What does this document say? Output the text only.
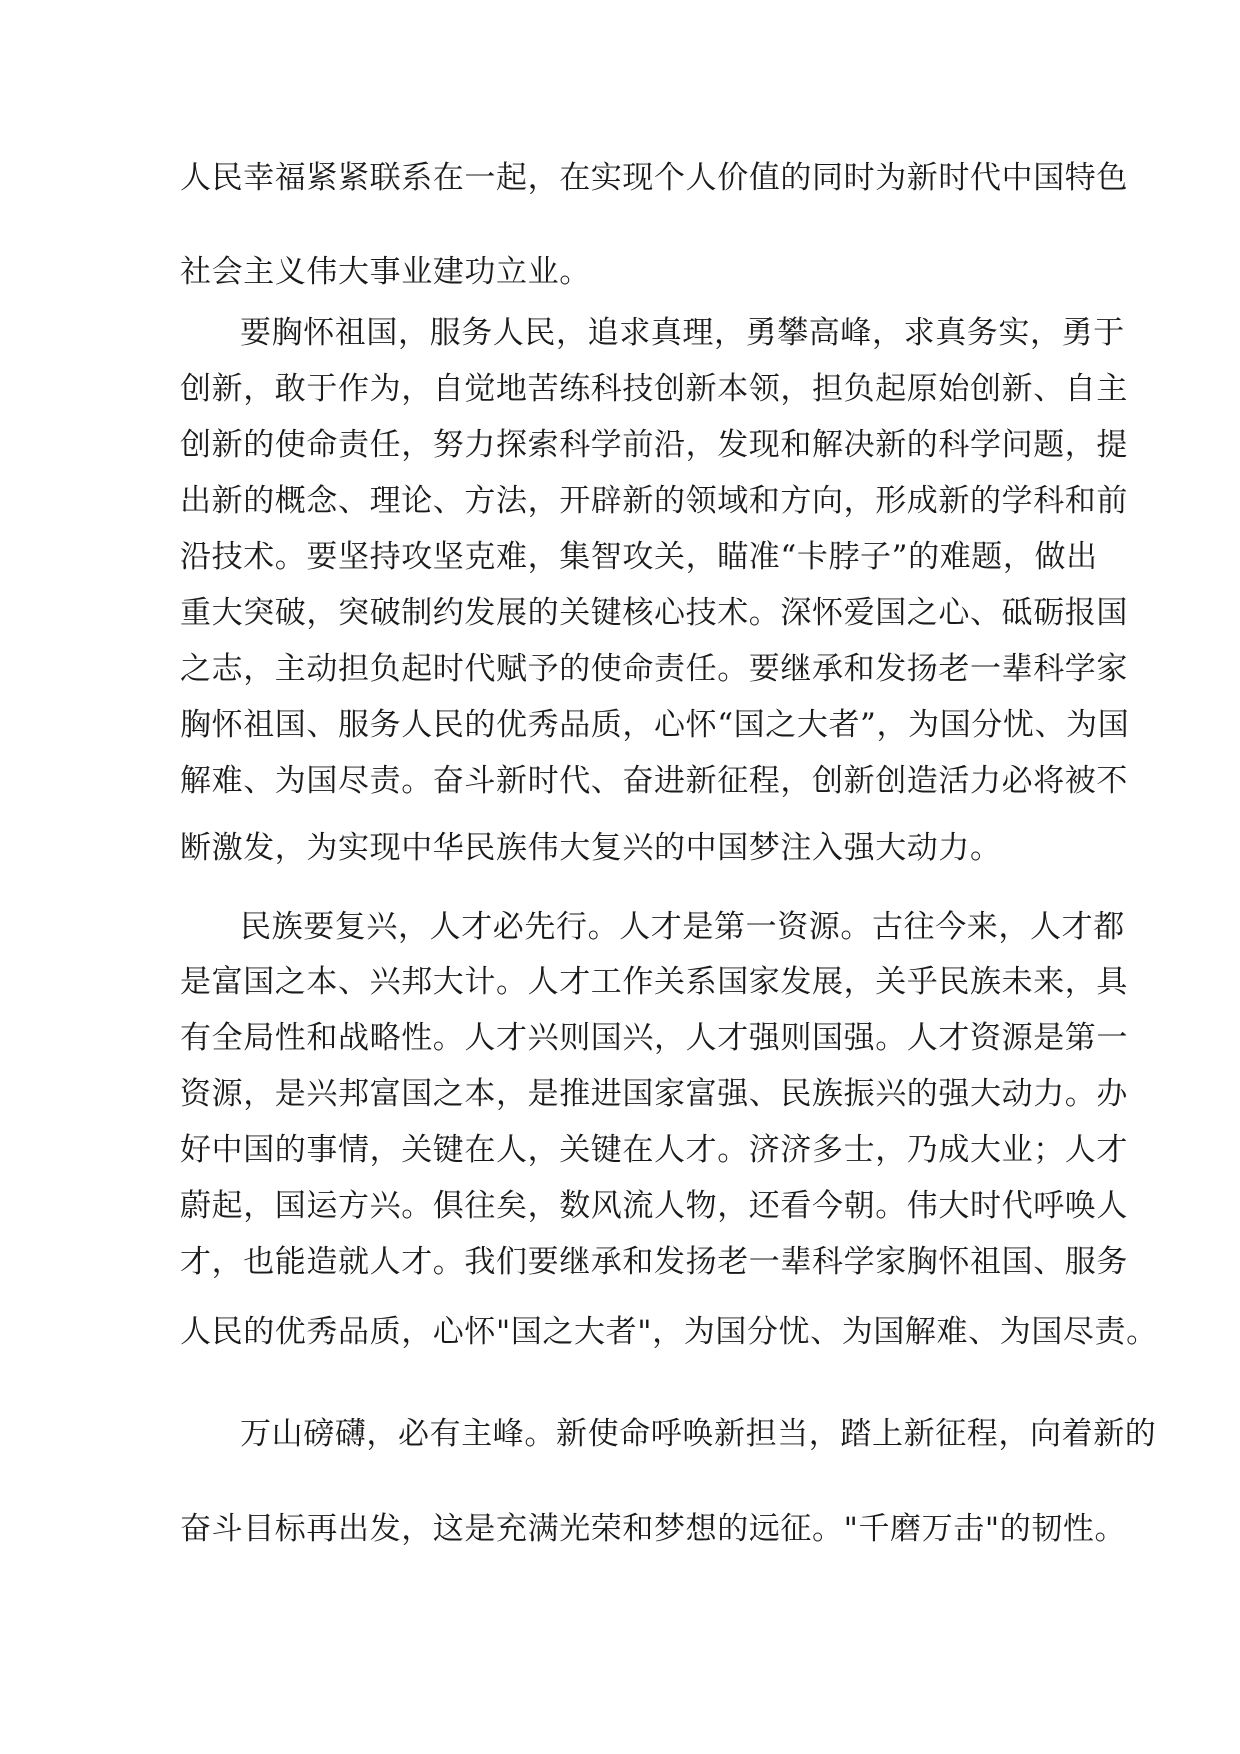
人民幸福紧紧联系在一起，在实现个人价值的同时为新时代中国特色
社会主义伟大事业建功立业。
要胸怀祖国，服务人民，追求真理，勇攀高峰，求真务实，勇于
创新，敢于作为，自觉地苦练科技创新本领，担负起原始创新、自主
创新的使命责任，努力探索科学前沿，发现和解决新的科学问题，提
出新的概念、理论、方法，开辟新的领域和方向，形成新的学科和前
沿技术。要坚持攻坚克难，集智攻关，瞄准“卡脖子”的难题，做出
重大突破，突破制约发展的关键核心技术。深怀爱国之心、砥砺报国
之志，主动担负起时代赋予的使命责任。要继承和发扬老一辈科学家
胸怀祖国、服务人民的优秀品质，心怀“国之大者”，为国分忧、为国
解难、为国尽责。奋斗新时代、奋进新征程，创新创造活力必将被不
断激发，为实现中华民族伟大复兴的中国梦注入强大动力。
民族要复兴，人才必先行。人才是第一资源。古往今来，人才都
是富国之本、兴邦大计。人才工作关系国家发展，关乎民族未来，具
有全局性和战略性。人才兴则国兴，人才强则国强。人才资源是第一
资源，是兴邦富国之本，是推进国家富强、民族振兴的强大动力。办
好中国的事情，关键在人，关键在人才。济济多士，乃成大业；人才
蔚起，国运方兴。俱往矣，数风流人物，还看今朝。伟大时代呼唤人
才，也能造就人才。我们要继承和发扬老一辈科学家胸怀祖国、服务
人民的优秀品质，心怀"国之大者"，为国分忧、为国解难、为国尽责。
万山磅礴，必有主峰。新使命呼唤新担当，踏上新征程，向着新的
奋斗目标再出发，这是充满光荣和梦想的远征。"千磨万击"的韧性。
